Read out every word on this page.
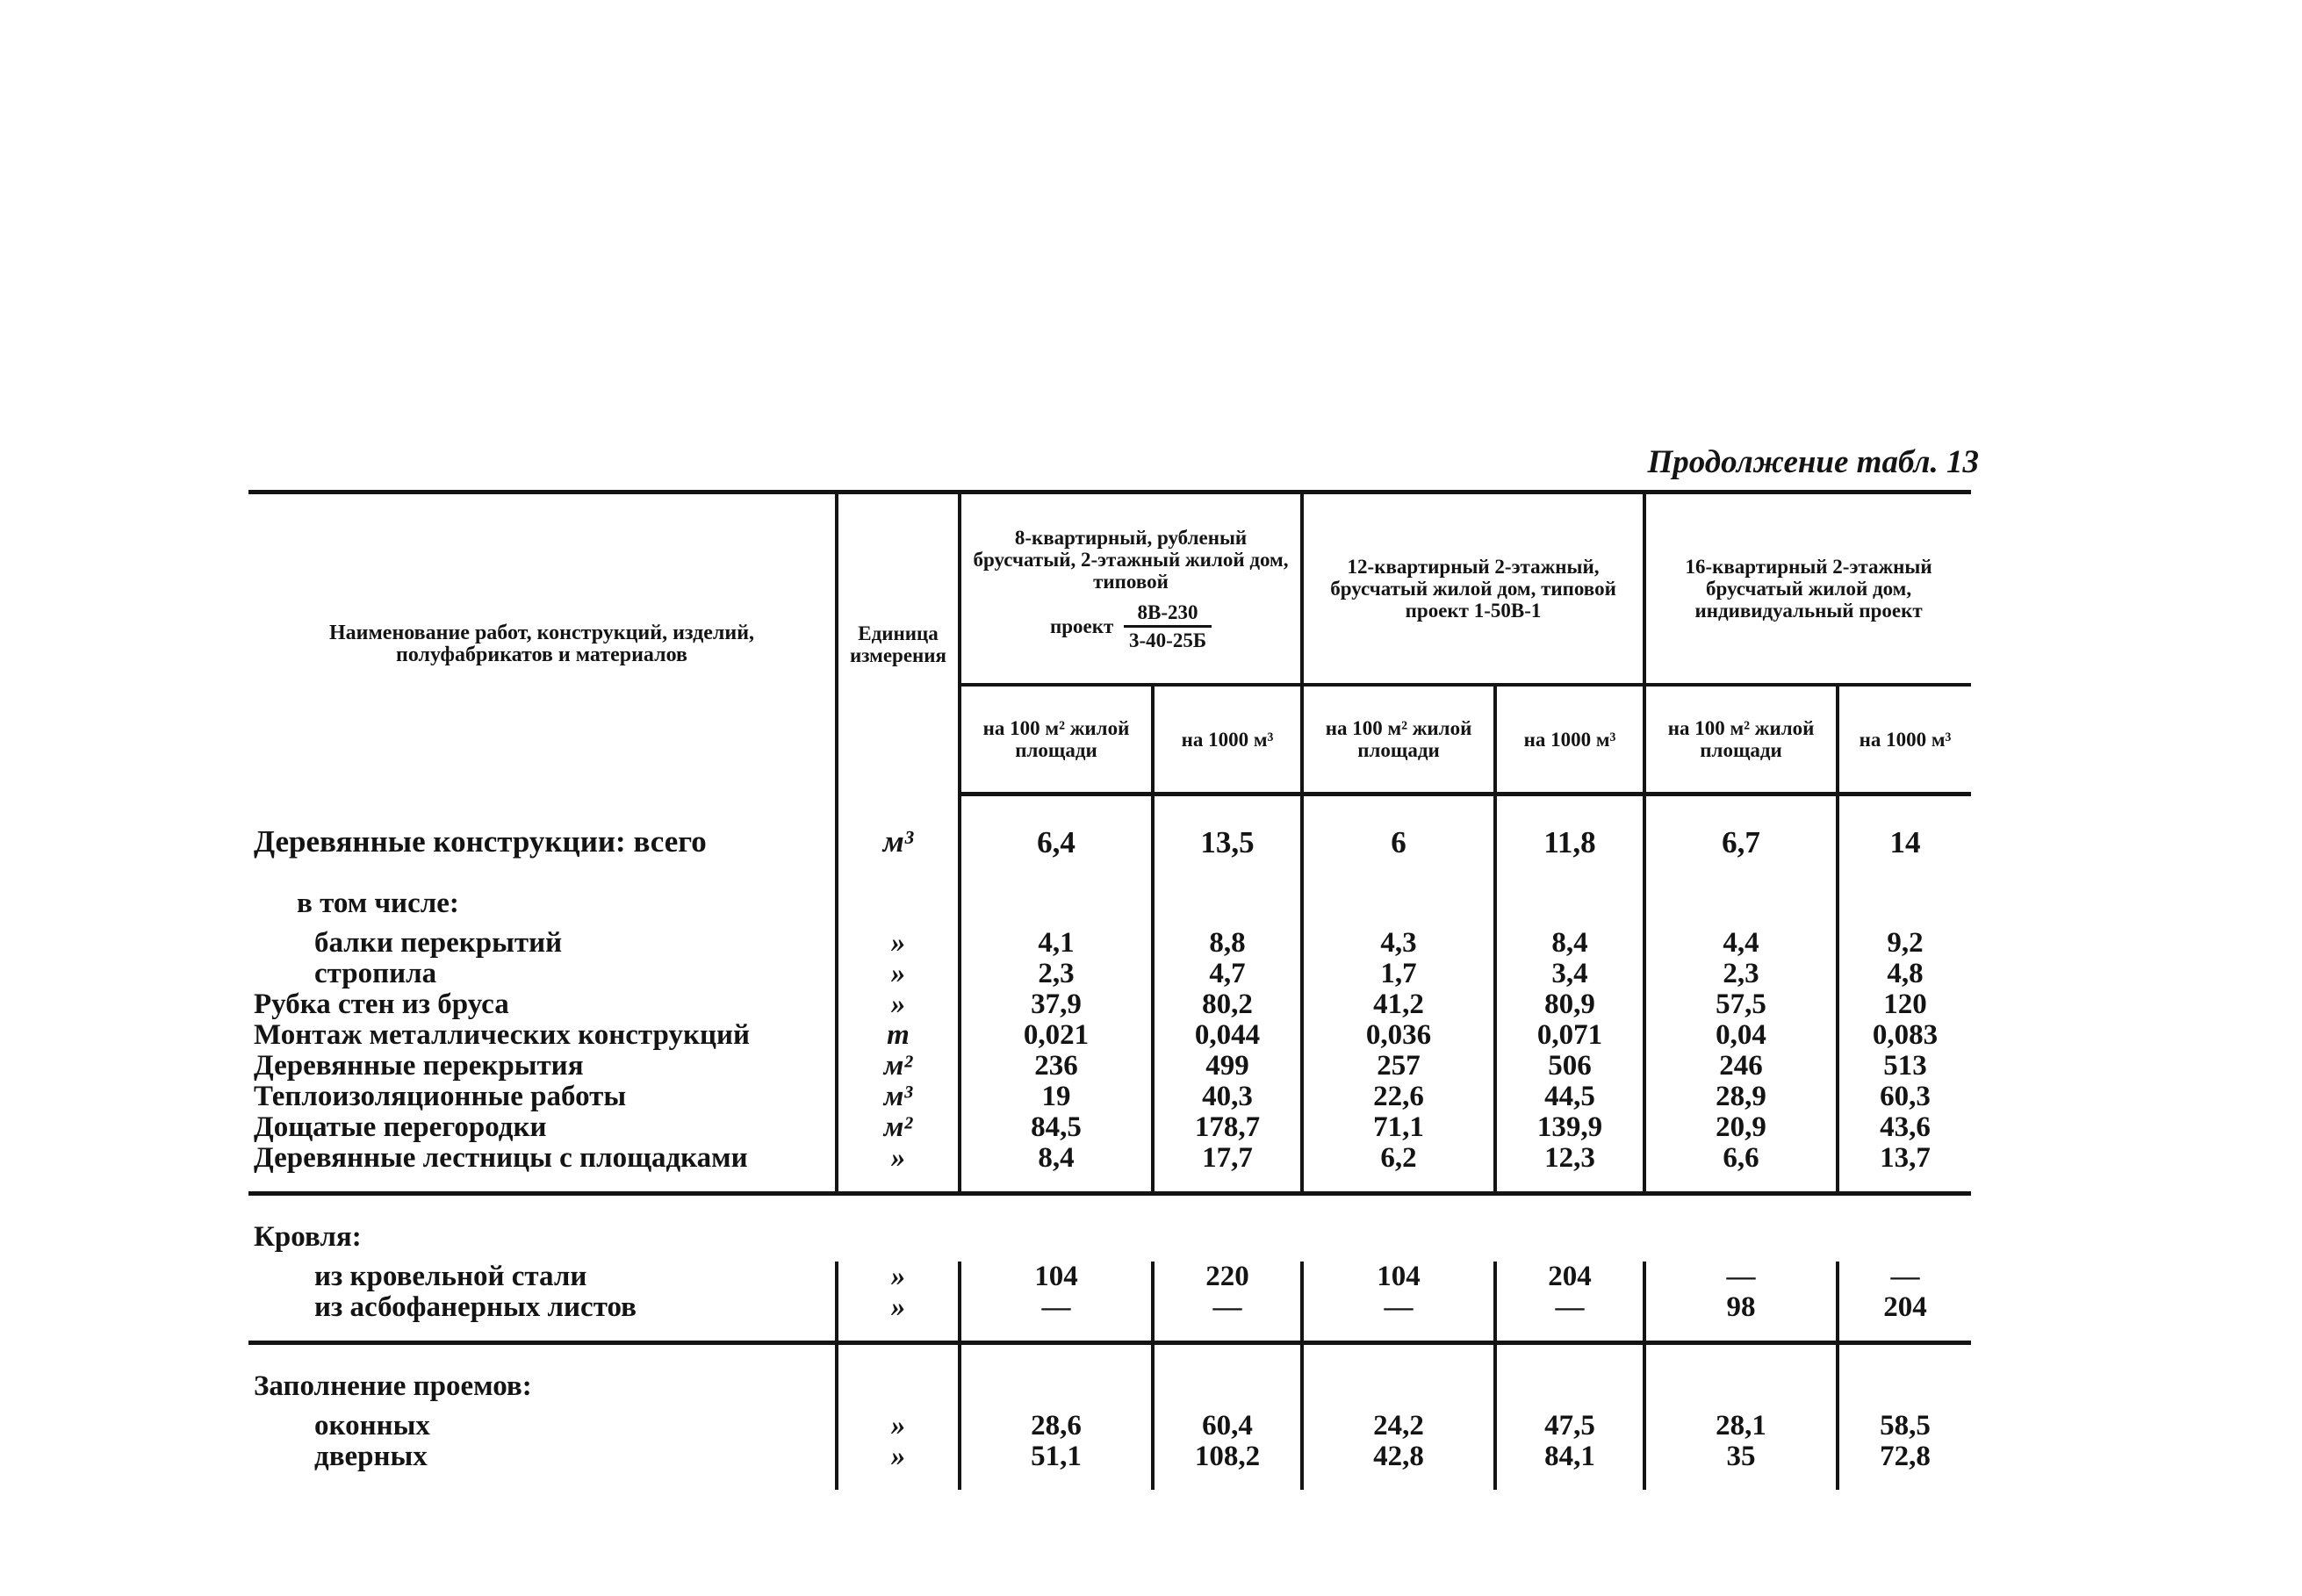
Продолжение табл. 13
Наименование работ, конструкций, изделий, полуфабрикатов и материалов	Единица измерения	8-квартирный, рубленый брусчатый, 2-этажный жилой дом, типовой
проект $\frac{8В-230}{3-40-25Б}$		12-квартирный 2-этажный, брусчатый жилой дом, типовой проект 1-50В-1		16-квартирный 2-этажный брусчатый жилой дом, индивидуальный проект	
		на 100 м² жилой площади	на 1000 м³	на 100 м² жилой площади	на 1000 м³	на 100 м² жилой площади	на 1000 м³
Деревянные конструкции: всего	м³	6,4	13,5	6	11,8	6,7	14
в том числе:							
балки перекрытий	»	4,1	8,8	4,3	8,4	4,4	9,2
стропила	»	2,3	4,7	1,7	3,4	2,3	4,8
Рубка стен из бруса	»	37,9	80,2	41,2	80,9	57,5	120
Монтаж металлических конструкций	т	0,021	0,044	0,036	0,071	0,04	0,083
Деревянные перекрытия	м²	236	499	257	506	246	513
Теплоизоляционные работы	м³	19	40,3	22,6	44,5	28,9	60,3
Дощатые перегородки	м²	84,5	178,7	71,1	139,9	20,9	43,6
Деревянные лестницы с площадками	»	8,4	17,7	6,2	12,3	6,6	13,7
Кровля:							
из кровельной стали	»	104	220	104	204	—	—
из асбофанерных листов	»	—	—	—	—	98	204
Заполнение проемов:							
оконных	»	28,6	60,4	24,2	47,5	28,1	58,5
дверных	»	51,1	108,2	42,8	84,1	35	72,8
